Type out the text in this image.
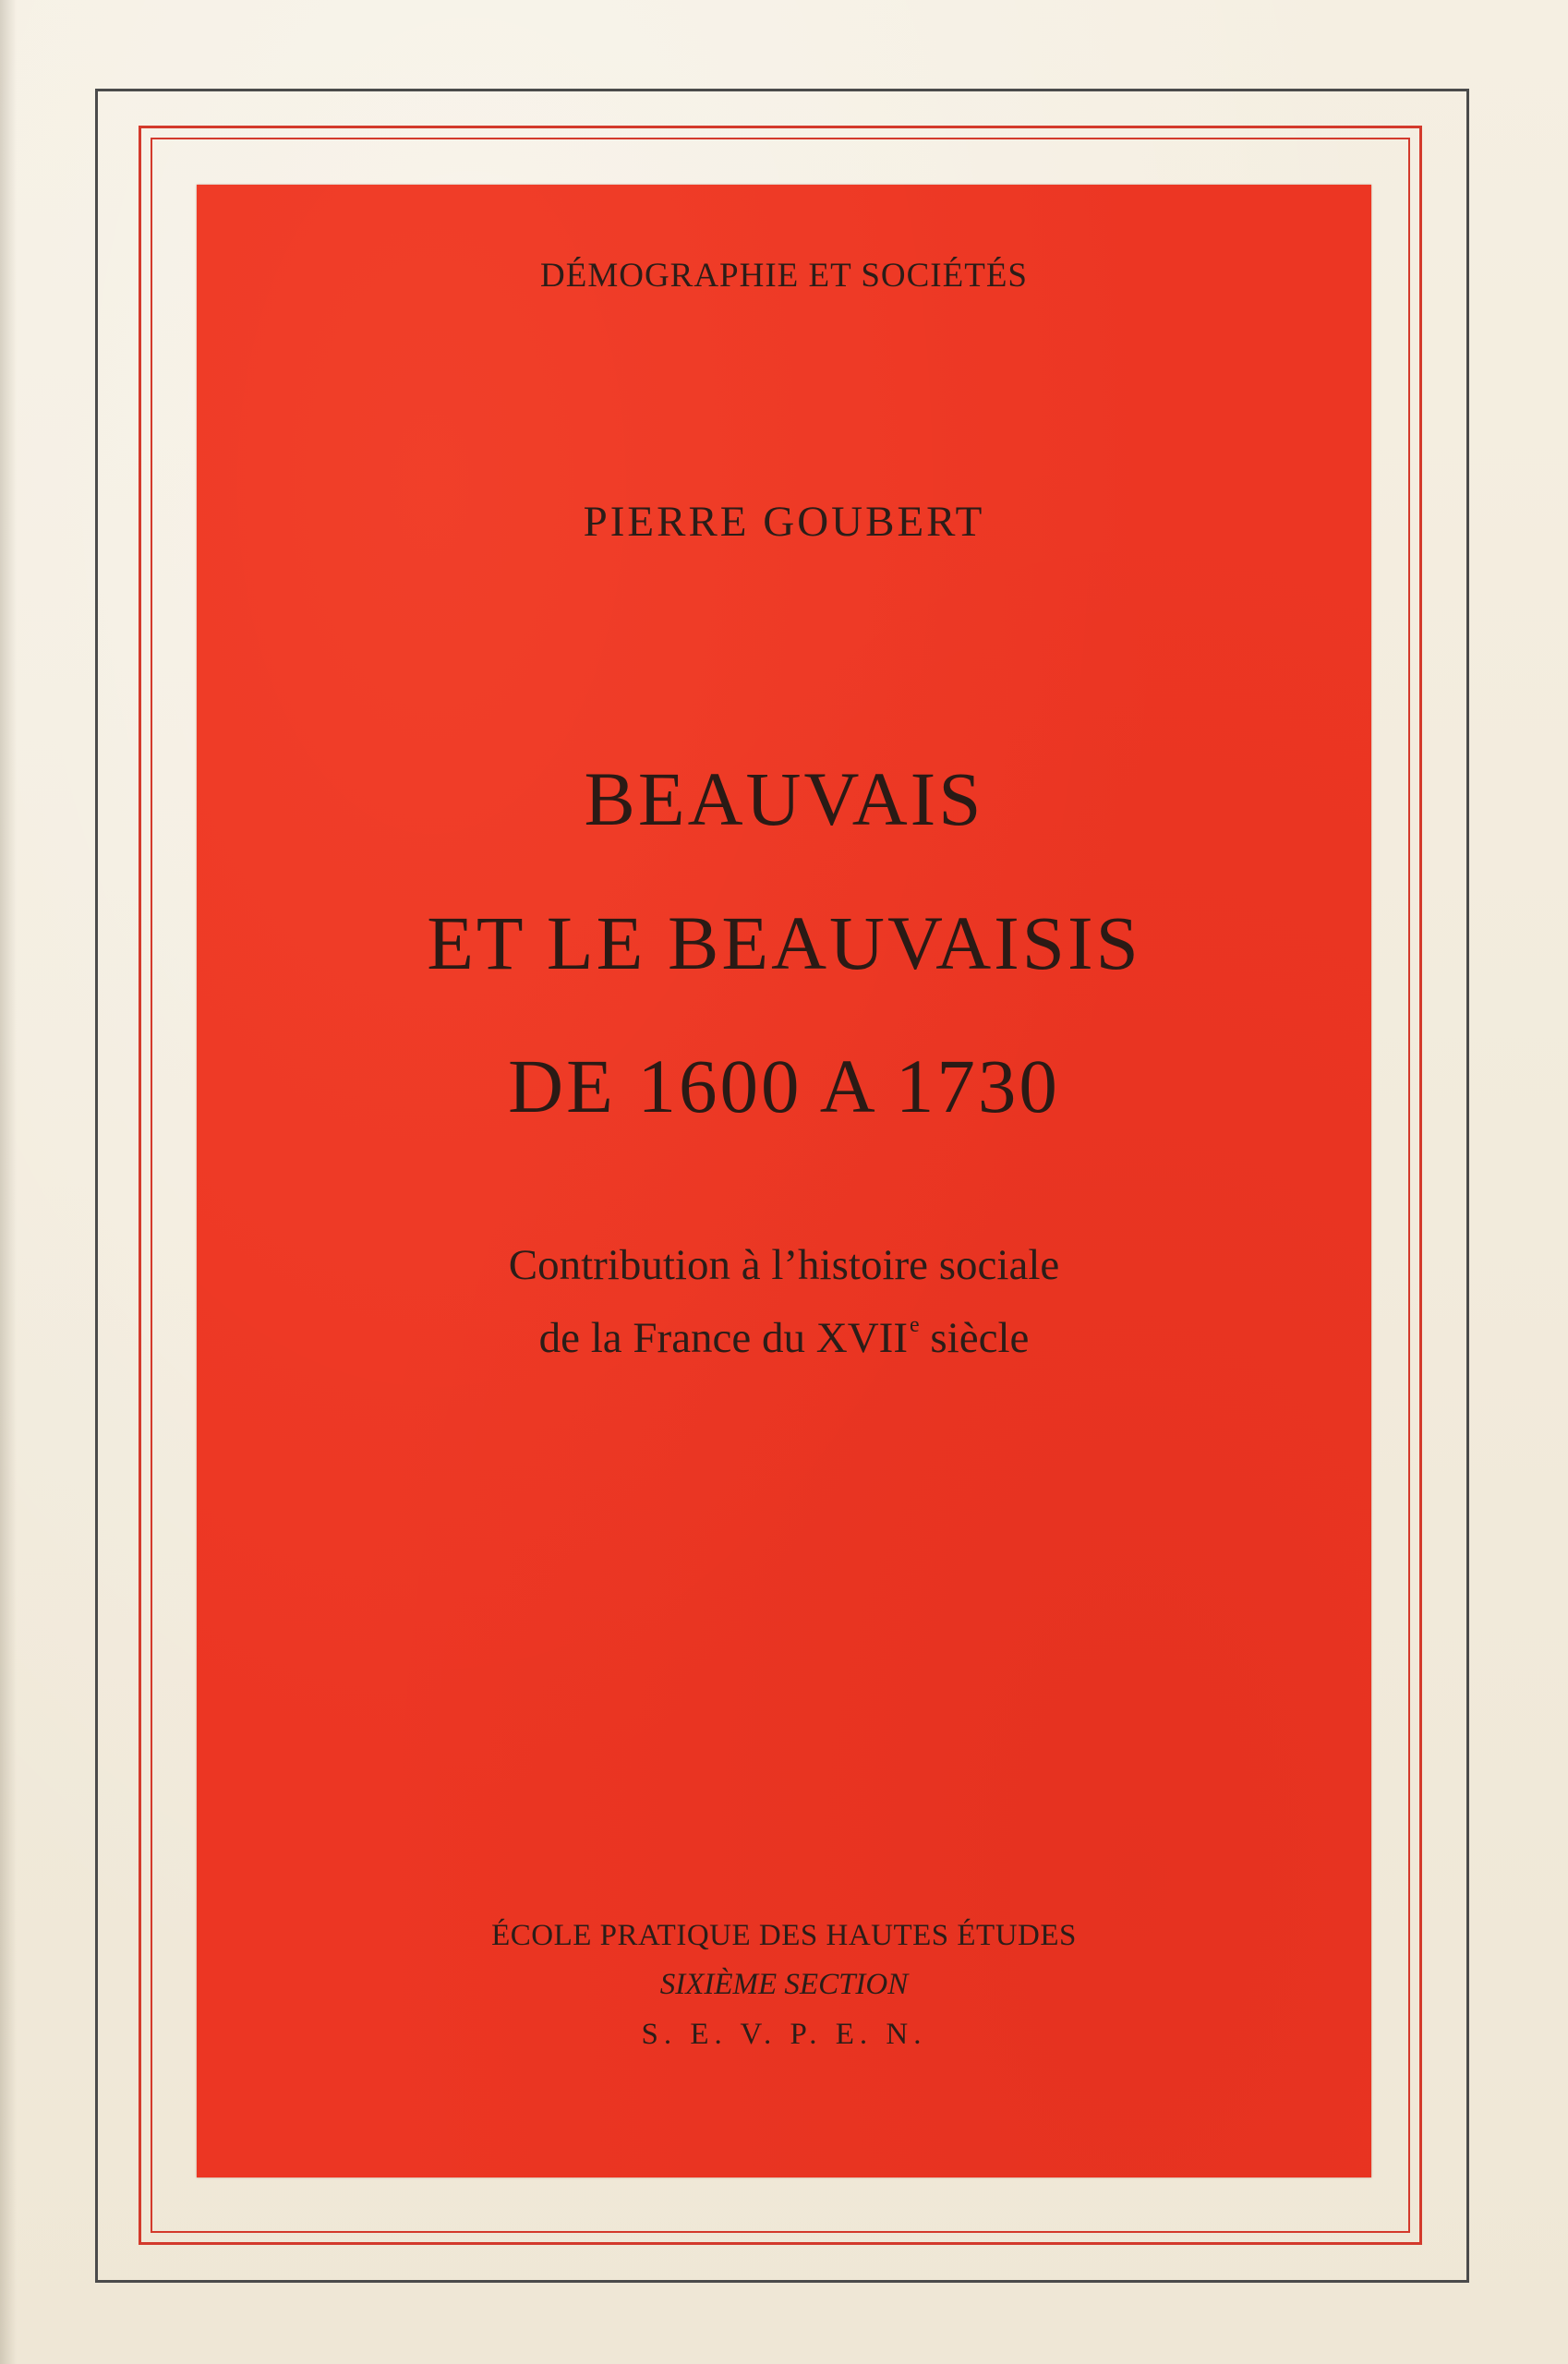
DÉMOGRAPHIE ET SOCIÉTÉS
PIERRE GOUBERT
BEAUVAIS
ET LE BEAUVAISIS
DE 1600 A 1730
Contribution à l’histoire sociale
de la France du XVIIe siècle
ÉCOLE PRATIQUE DES HAUTES ÉTUDES
SIXIÈME SECTION
S. E. V. P. E. N.
